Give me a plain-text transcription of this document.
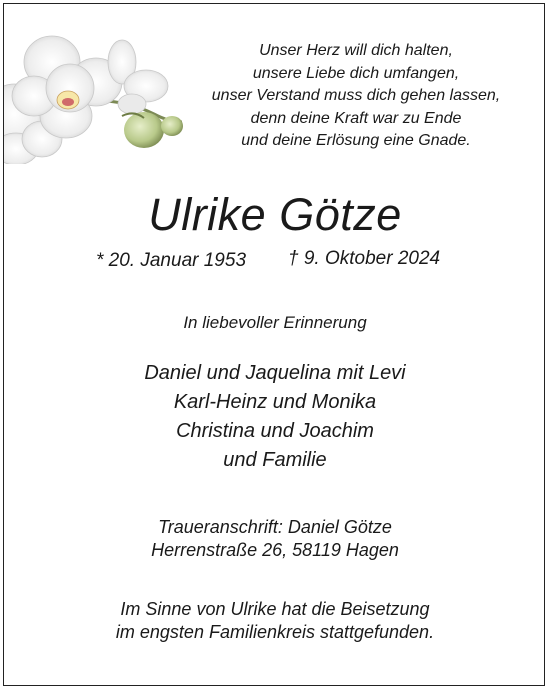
Unser Herz will dich halten,
unsere Liebe dich umfangen,
unser Verstand muss dich gehen lassen,
denn deine Kraft war zu Ende
und deine Erlösung eine Gnade.
Ulrike Götze
* 20. Januar 1953 † 9. Oktober 2024
In liebevoller Erinnerung
Daniel und Jaquelina mit Levi
Karl-Heinz und Monika
Christina und Joachim
und Familie
Traueranschrift: Daniel Götze
Herrenstraße 26, 58119 Hagen
Im Sinne von Ulrike hat die Beisetzung
im engsten Familienkreis stattgefunden.
